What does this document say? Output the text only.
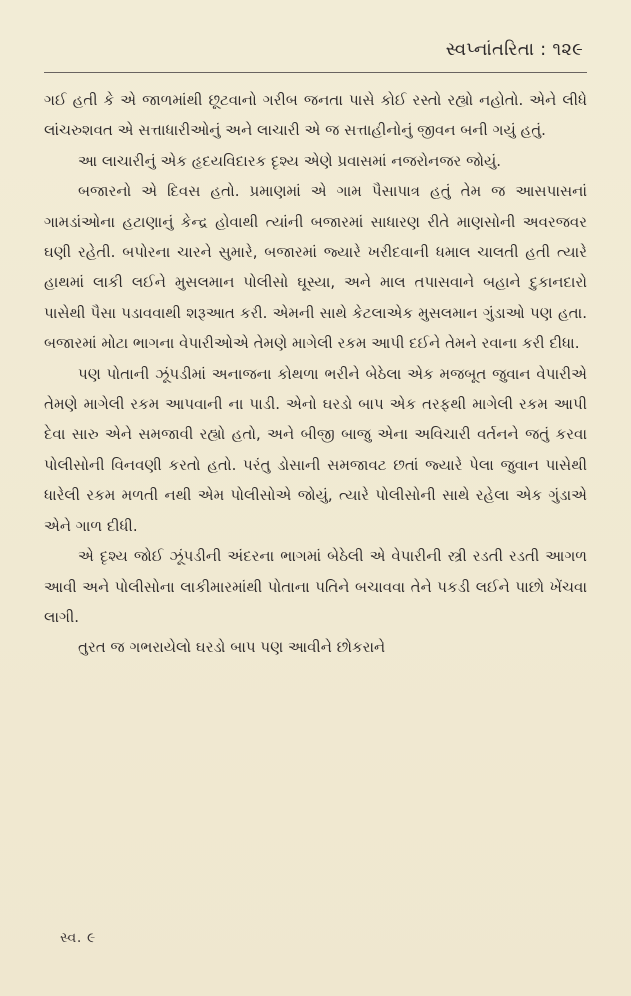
સ્વપ્નાંતરિતા : ૧૨૯

ગઈ હતી કે એ જાળમાંથી છૂટવાનો ગરીબ જનતા પાસે કોઈ રસ્તો રહ્યો નહોતો. એને લીધે લાંચરુશવત એ સત્તાધારીઓનું અને લાચારી એ જ સત્તાહીનોનું જીવન બની ગયું હતું.

આ લાચારીનું એક હૃદયવિદારક દૃશ્ય એણે પ્રવાસમાં નજરોનજર જોયું.

બજારનો એ દિવસ હતો. પ્રમાણમાં એ ગામ પૈસાપાત્ર હતું તેમ જ આસપાસનાં ગામડાંઓના હટાણાનું કેન્દ્ર હોવાથી ત્યાંની બજારમાં સાધારણ રીતે માણસોની અવરજવર ઘણી રહેતી. બપોરના ચારને સુમારે, બજારમાં જ્યારે ખરીદવાની ધમાલ ચાલતી હતી ત્યારે હાથમાં લાકી લઈને મુસલમાન પોલીસો ઘૂસ્યા, અને માલ તપાસવાને બહાને દુકાનદારો પાસેથી પૈસા પડાવવાથી શરૂઆત કરી. એમની સાથે કેટલાએક મુસલમાન ગુંડાઓ પણ હતા. બજારમાં મોટા ભાગના વેપારીઓએ તેમણે માગેલી રકમ આપી દઈને તેમને રવાના કરી દીધા.

પણ પોતાની ઝૂંપડીમાં અનાજના કોથળા ભરીને બેઠેલા એક મજબૂત જુવાન વેપારીએ તેમણે માગેલી રકમ આપવાની ના પાડી. એનો ઘરડો બાપ એક તરફથી માગેલી રકમ આપી દેવા સારુ એને સમજાવી રહ્યો હતો, અને બીજી બાજુ એના અવિચારી વર્તનને જતું કરવા પોલીસોની વિનવણી કરતો હતો. પરંતુ ડોસાની સમજાવટ છતાં જ્યારે પેલા જુવાન પાસેથી ધારેલી રકમ મળતી નથી એમ પોલીસોએ જોયું, ત્યારે પોલીસોની સાથે રહેલા એક ગુંડાએ એને ગાળ દીધી.

એ દૃશ્ય જોઈ ઝૂંપડીની અંદરના ભાગમાં બેઠેલી એ વેપારીની સ્ત્રી રડતી રડતી આગળ આવી અને પોલીસોના લાકીમારમાંથી પોતાના પતિને બચાવવા તેને પકડી લઈને પાછો ખેંચવા લાગી.

તુરત જ ગભરાયેલો ઘરડો બાપ પણ આવીને છોકરાને

સ્વ. ૯
